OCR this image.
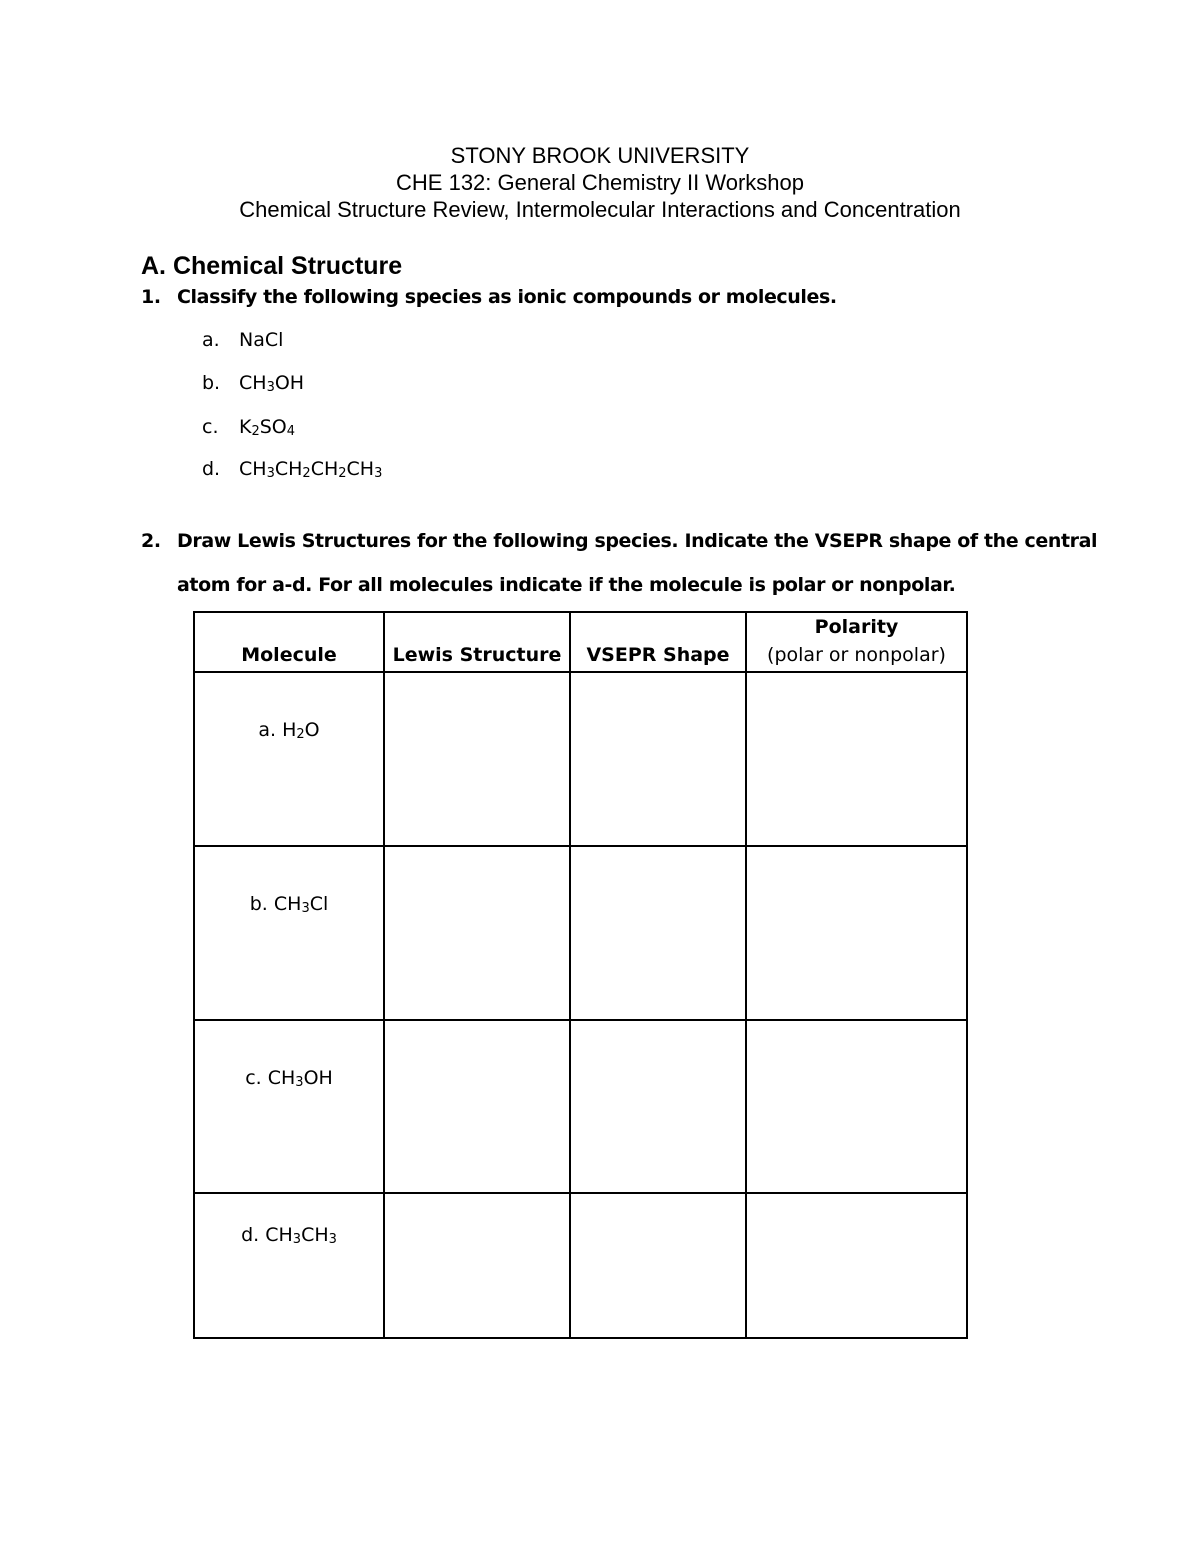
STONY BROOK UNIVERSITY
CHE 132: General Chemistry II Workshop
Chemical Structure Review, Intermolecular Interactions and Concentration
A. Chemical Structure
1. Classify the following species as ionic compounds or molecules.
a. NaCl
b. $CH_3OH$
c. $K_2SO_4$
d. $CH_3CH_2CH_2CH_3$
2. Draw Lewis Structures for the following species. Indicate the VSEPR shape of the central
atom for a-d. For all molecules indicate if the molecule is polar or nonpolar.
Molecule	Lewis Structure	VSEPR Shape	Polarity
(polar or nonpolar)

a. $H_2O$			

b. $CH_3Cl$			

c. $CH_3OH$			

d. $CH_3CH_3$
